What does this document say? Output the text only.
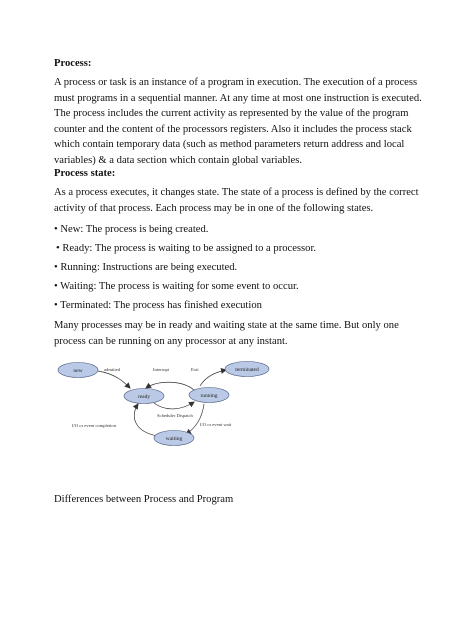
Process:

A process or task is an instance of a program in execution. The execution of a process must programs in a sequential manner. At any time at most one instruction is executed. The process includes the current activity as represented by the value of the program counter and the content of the processors registers. Also it includes the process stack which contain temporary data (such as method parameters return address and local variables) & a data section which contain global variables.

Process state:

As a process executes, it changes state. The state of a process is defined by the correct activity of that process. Each process may be in one of the following states.

• New: The process is being created.

• Ready: The process is waiting to be assigned to a processor.

• Running: Instructions are being executed.

• Waiting: The process is waiting for some event to occur.

• Terminated: The process has finished execution

Many processes may be in ready and waiting state at the same time. But only one process can be running on any processor at any instant.

new	terminated
ready	running
waiting
admitted	Interrupt	Exit
Scheduler Dispatch
I/O or event completion	I/O or event wait

Differences between Process and Program
